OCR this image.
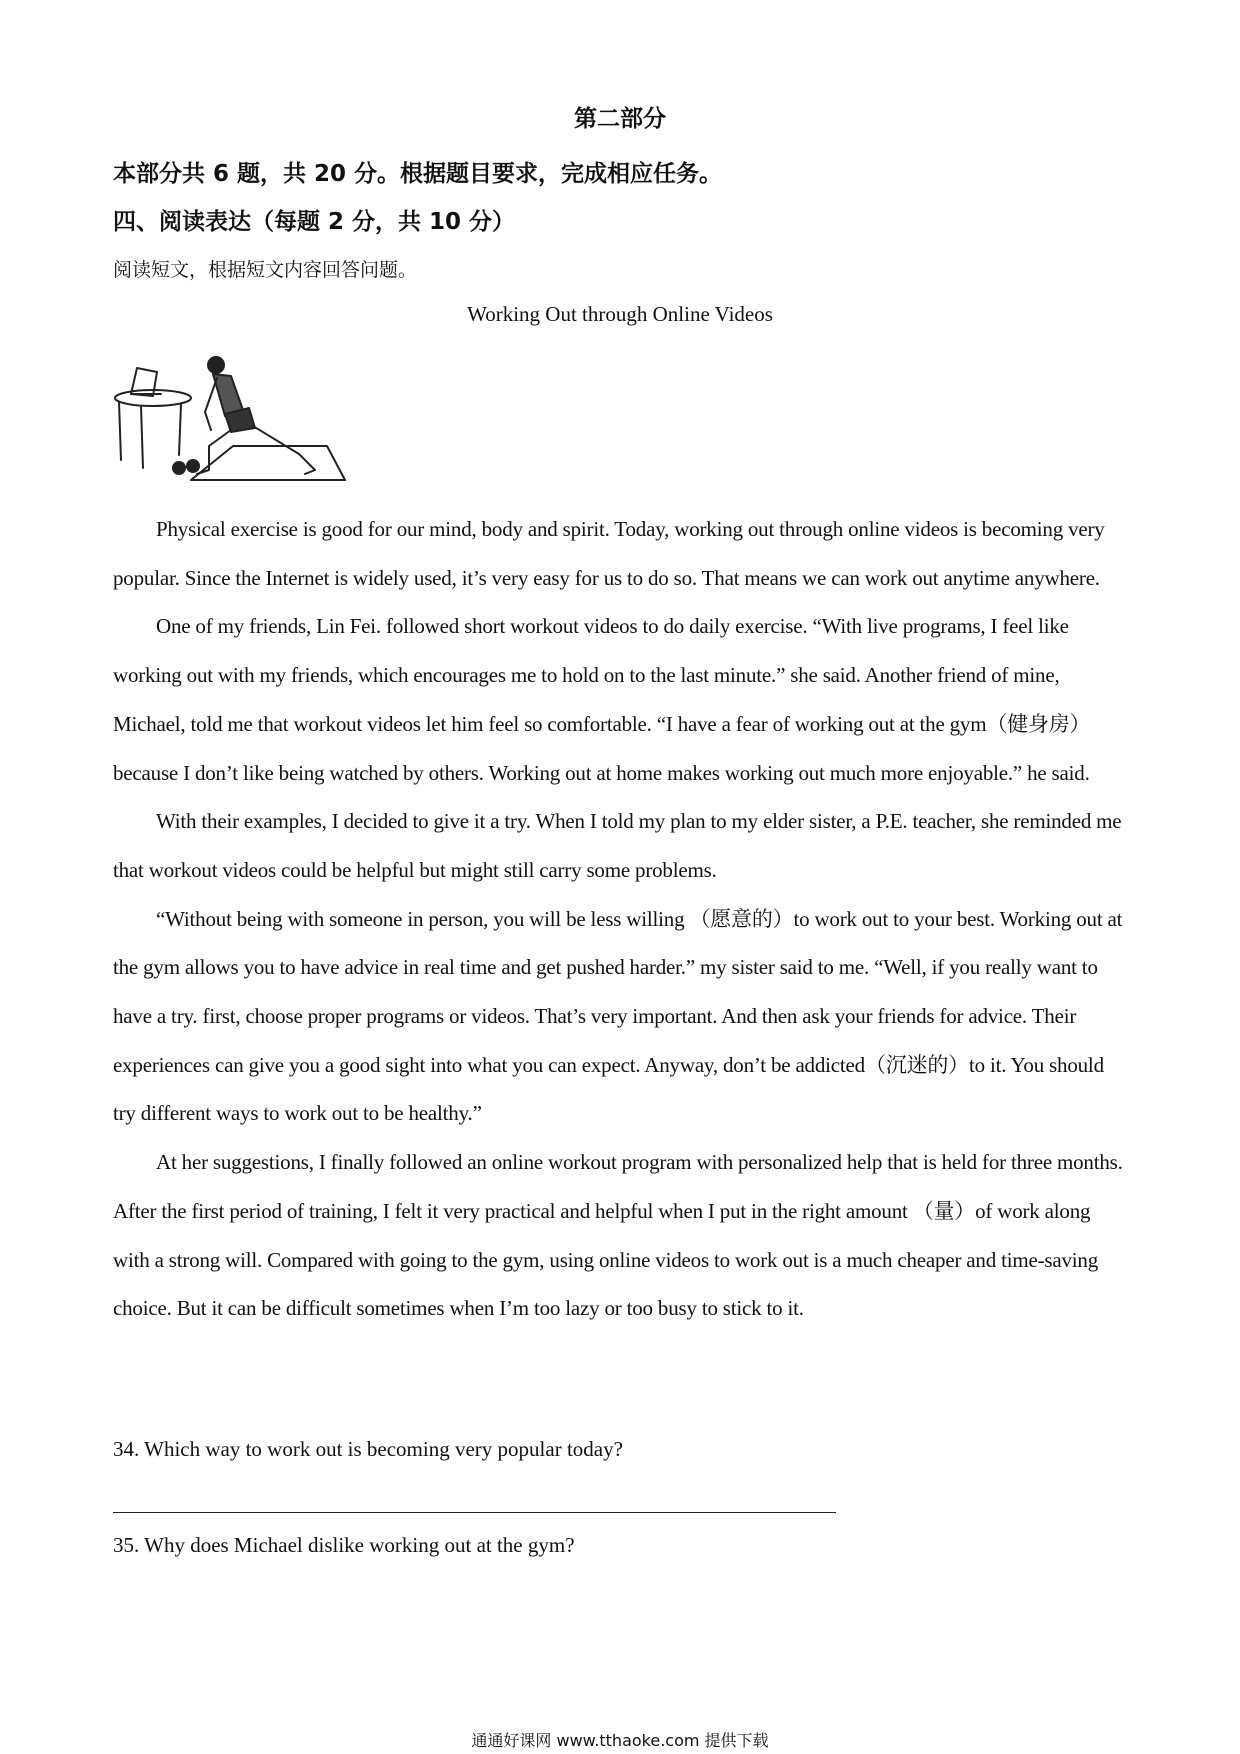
第二部分
本部分共 6 题，共 20 分。根据题目要求，完成相应任务。
四、阅读表达（每题 2 分，共 10 分）
阅读短文，根据短文内容回答问题。
Working Out through Online Videos

Physical exercise is good for our mind, body and spirit. Today, working out through online videos is becoming very popular. Since the Internet is widely used, it’s very easy for us to do so. That means we can work out anytime anywhere.

One of my friends, Lin Fei. followed short workout videos to do daily exercise. “With live programs, I feel like working out with my friends, which encourages me to hold on to the last minute.” she said. Another friend of mine, Michael, told me that workout videos let him feel so comfortable. “I have a fear of working out at the gym（健身房）because I don’t like being watched by others. Working out at home makes working out much more enjoyable.” he said.

With their examples, I decided to give it a try. When I told my plan to my elder sister, a P.E. teacher, she reminded me that workout videos could be helpful but might still carry some problems.

“Without being with someone in person, you will be less willing （愿意的）to work out to your best. Working out at the gym allows you to have advice in real time and get pushed harder.” my sister said to me. “Well, if you really want to have a try. first, choose proper programs or videos. That’s very important. And then ask your friends for advice. Their experiences can give you a good sight into what you can expect. Anyway, don’t be addicted（沉迷的）to it. You should try different ways to work out to be healthy.”

At her suggestions, I finally followed an online workout program with personalized help that is held for three months. After the first period of training, I felt it very practical and helpful when I put in the right amount （量）of work along with a strong will. Compared with going to the gym, using online videos to work out is a much cheaper and time-saving choice. But it can be difficult sometimes when I’m too lazy or too busy to stick to it.

34. Which way to work out is becoming very popular today?
35. Why does Michael dislike working out at the gym?
通通好课网 www.tthaoke.com 提供下载
